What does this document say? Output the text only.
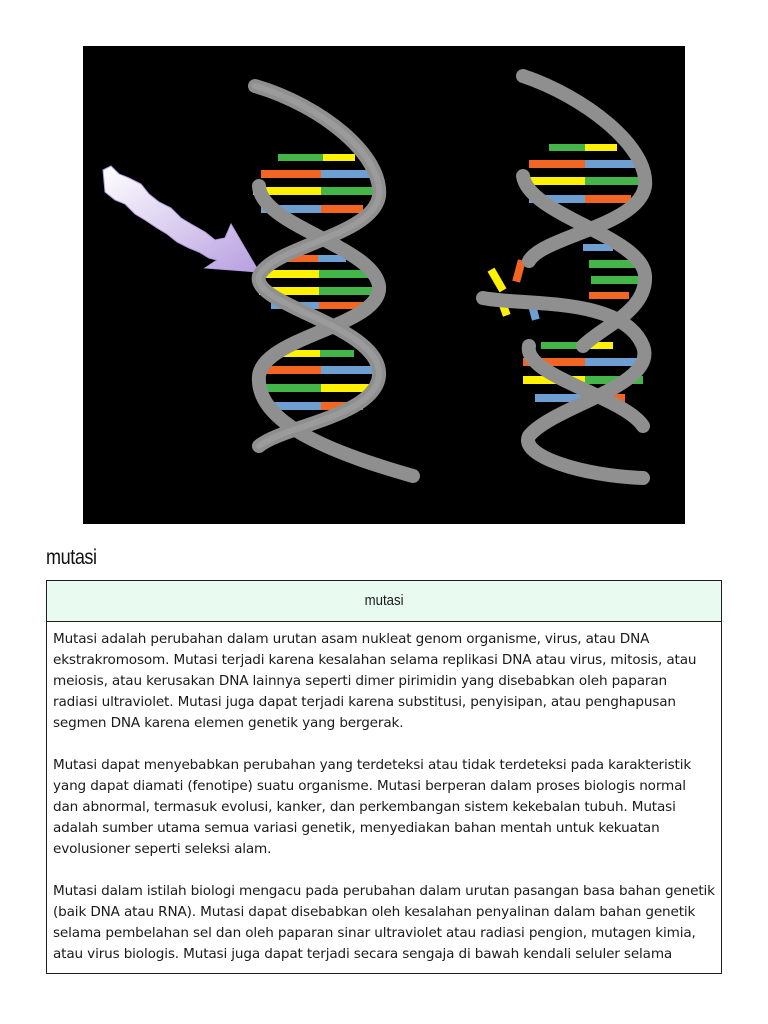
mutasi
mutasi

Mutasi adalah perubahan dalam urutan asam nukleat genom organisme, virus, atau DNA ekstrakromosom. Mutasi terjadi karena kesalahan selama replikasi DNA atau virus, mitosis, atau meiosis, atau kerusakan DNA lainnya seperti dimer pirimidin yang disebabkan oleh paparan radiasi ultraviolet. Mutasi juga dapat terjadi karena substitusi, penyisipan, atau penghapusan segmen DNA karena elemen genetik yang bergerak.

Mutasi dapat menyebabkan perubahan yang terdeteksi atau tidak terdeteksi pada karakteristik yang dapat diamati (fenotipe) suatu organisme. Mutasi berperan dalam proses biologis normal dan abnormal, termasuk evolusi, kanker, dan perkembangan sistem kekebalan tubuh. Mutasi adalah sumber utama semua variasi genetik, menyediakan bahan mentah untuk kekuatan evolusioner seperti seleksi alam.

Mutasi dalam istilah biologi mengacu pada perubahan dalam urutan pasangan basa bahan genetik (baik DNA atau RNA). Mutasi dapat disebabkan oleh kesalahan penyalinan dalam bahan genetik selama pembelahan sel dan oleh paparan sinar ultraviolet atau radiasi pengion, mutagen kimia, atau virus biologis. Mutasi juga dapat terjadi secara sengaja di bawah kendali seluler selama
